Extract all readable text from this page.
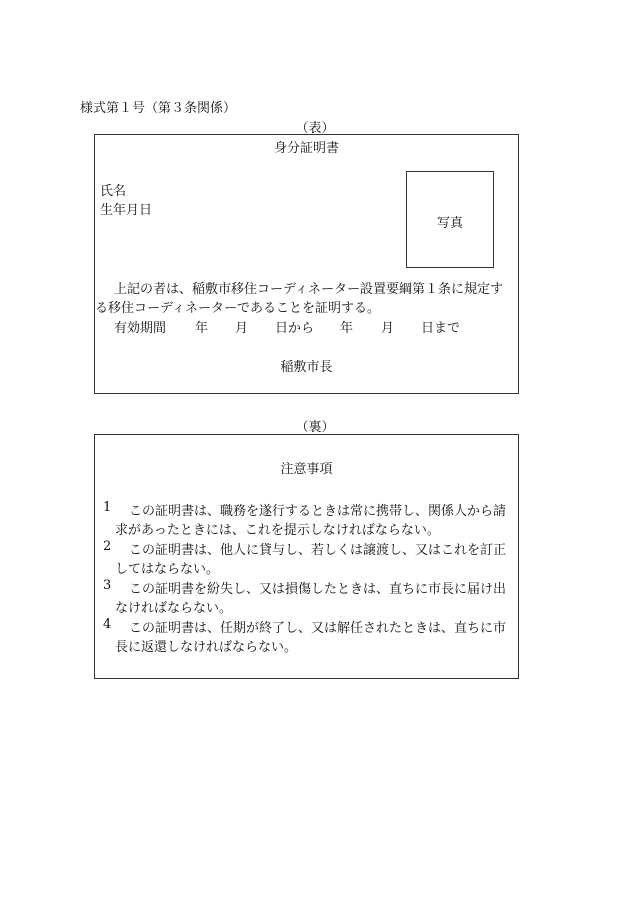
様式第１号（第３条関係）
（表）
身分証明書
氏名
生年月日
写真
上記の者は、稲敷市移住コーディネーター設置要綱第１条に規定す
る移住コーディネーターであることを証明する。
有効期間 年 月 日から 年 月 日まで
稲敷市長
（裏）
注意事項
1 この証明書は、職務を遂行するときは常に携帯し、関係人から請
求があったときには、これを提示しなければならない。
2 この証明書は、他人に貸与し、若しくは譲渡し、又はこれを訂正
してはならない。
3 この証明書を紛失し、又は損傷したときは、直ちに市長に届け出
なければならない。
4 この証明書は、任期が終了し、又は解任されたときは、直ちに市
長に返還しなければならない。
